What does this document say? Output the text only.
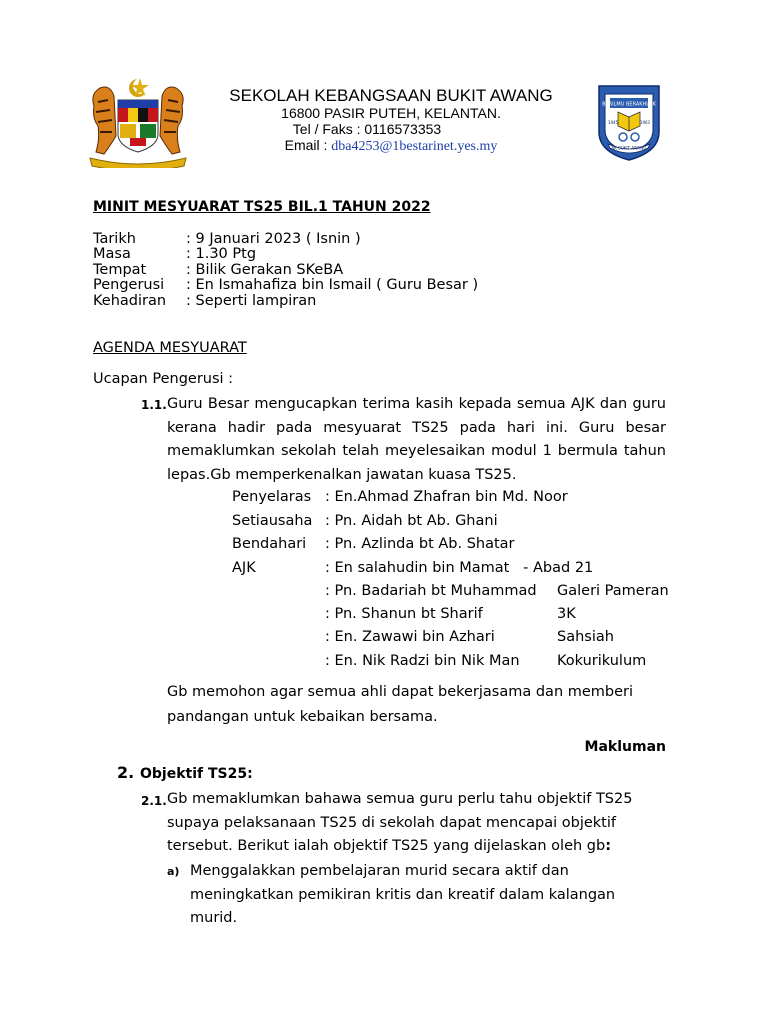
SEKOLAH KEBANGSAAN BUKIT AWANG
16800 PASIR PUTEH, KELANTAN.
Tel / Faks : 0116573353
Email : dba4253@1bestarinet.yes.my
BERILMU BERAKHLAK
1945	1963
SK BUKIT AWANG
MINIT MESYUARAT TS25 BIL.1 TAHUN 2022
Tarikh	: 9 Januari 2023 ( Isnin )
Masa	: 1.30 Ptg
Tempat	: Bilik Gerakan SKeBA
Pengerusi : En Ismahafiza bin Ismail ( Guru Besar )
Kehadiran : Seperti lampiran
AGENDA MESYUARAT
Ucapan Pengerusi :
1.1. Guru Besar mengucapkan terima kasih kepada semua AJK dan guru kerana hadir pada mesyuarat TS25 pada hari ini. Guru besar memaklumkan sekolah telah meyelesaikan modul 1 bermula tahun lepas.Gb memperkenalkan jawatan kuasa TS25.
Penyelaras : En.Ahmad Zhafran bin Md. Noor
Setiausaha : Pn. Aidah bt Ab. Ghani
Bendahari : Pn. Azlinda bt Ab. Shatar
AJK	: En salahudin bin Mamat   - Abad 21
: Pn. Badariah bt Muhammad Galeri Pameran
: Pn. Shanun bt Sharif	3K
: En. Zawawi bin Azhari	Sahsiah
: En. Nik Radzi bin Nik Man	Kokurikulum
Gb memohon agar semua ahli dapat bekerjasama dan memberi pandangan untuk kebaikan bersama.
Makluman
2. Objektif TS25:
2.1. Gb memaklumkan bahawa semua guru perlu tahu objektif TS25 supaya pelaksanaan TS25 di sekolah dapat mencapai objektif tersebut. Berikut ialah objektif TS25 yang dijelaskan oleh gb:
a) Menggalakkan pembelajaran murid secara aktif dan meningkatkan pemikiran kritis dan kreatif dalam kalangan murid.
